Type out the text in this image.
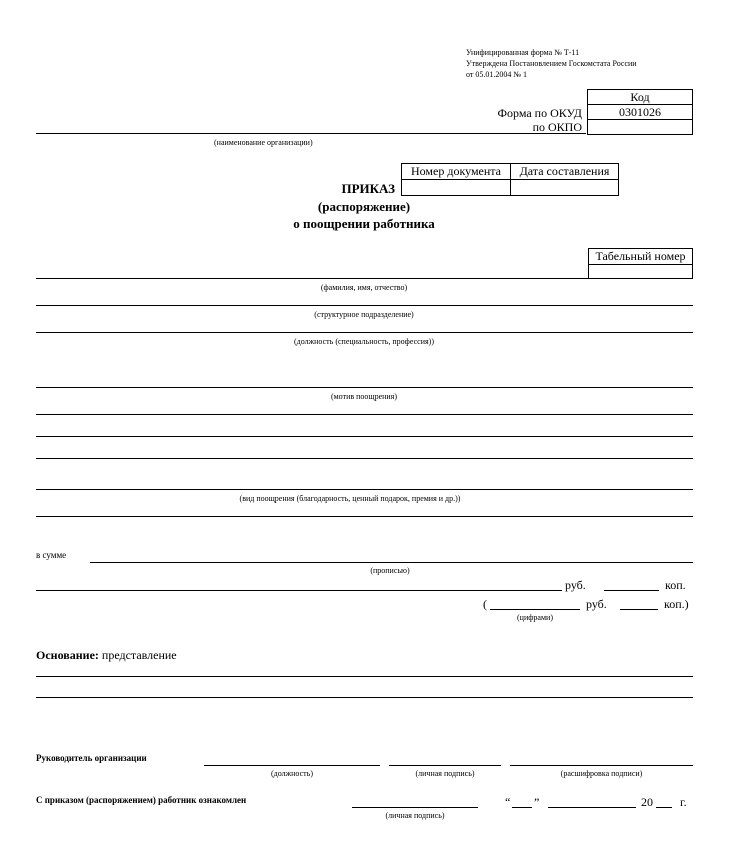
Унифицированная форма № Т-11
Утверждена Постановлением Госкомстата России
от 05.01.2004 № 1
Код
0301026
Форма по ОКУД
по ОКПО
(наименование организации)
Номер документа	Дата составления
ПРИКАЗ
(распоряжение)
о поощрении работника
Табельный номер
(фамилия, имя, отчество)
(структурное подразделение)
(должность (специальность, профессия))
(мотив поощрения)
(вид поощрения (благодарность, ценный подарок, премия и др.))
в сумме
(прописью)
руб.	коп.
(	руб.	коп.)
(цифрами)
Основание: представление
Руководитель организации
(должность)	(личная подпись)	(расшифровка подписи)
С приказом (распоряжением) работник ознакомлен
(личная подпись)
“ ”	20 г.
